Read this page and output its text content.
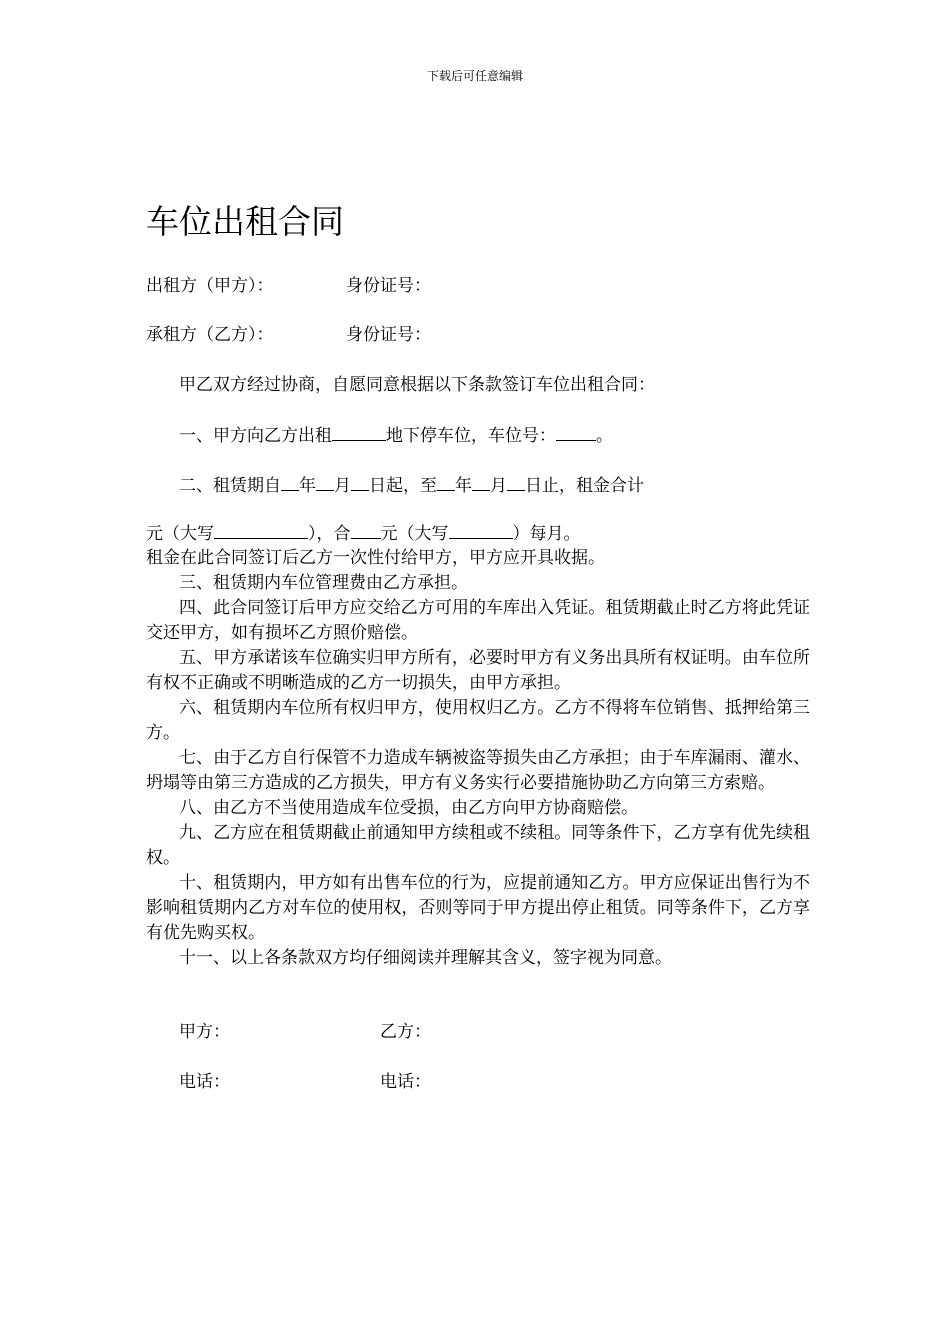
下载后可任意编辑
车位出租合同
出租方（甲方）：	身份证号：
承租方（乙方）：	身份证号：
甲乙双方经过协商，自愿同意根据以下条款签订车位出租合同：
一、甲方向乙方出租	地下停车位，车位号： 。
二、租赁期自 年 月 日起，至 年 月 日止，租金合计
元（大写	），合 元（大写	）每月。

租金在此合同签订后乙方一次性付给甲方，甲方应开具收据。

三、租赁期内车位管理费由乙方承担。

四、此合同签订后甲方应交给乙方可用的车库出入凭证。租赁期截止时乙方将此凭证交还甲方，如有损坏乙方照价赔偿。

五、甲方承诺该车位确实归甲方所有，必要时甲方有义务出具所有权证明。由车位所有权不正确或不明晰造成的乙方一切损失，由甲方承担。

六、租赁期内车位所有权归甲方，使用权归乙方。乙方不得将车位销售、抵押给第三方。

七、由于乙方自行保管不力造成车辆被盗等损失由乙方承担；由于车库漏雨、灌水、坍塌等由第三方造成的乙方损失，甲方有义务实行必要措施协助乙方向第三方索赔。

八、由乙方不当使用造成车位受损，由乙方向甲方协商赔偿。

九、乙方应在租赁期截止前通知甲方续租或不续租。同等条件下，乙方享有优先续租权。

十、租赁期内，甲方如有出售车位的行为，应提前通知乙方。甲方应保证出售行为不影响租赁期内乙方对车位的使用权，否则等同于甲方提出停止租赁。同等条件下，乙方享有优先购买权。

十一、以上各条款双方均仔细阅读并理解其含义，签字视为同意。

甲方：	乙方：
电话：	电话：
